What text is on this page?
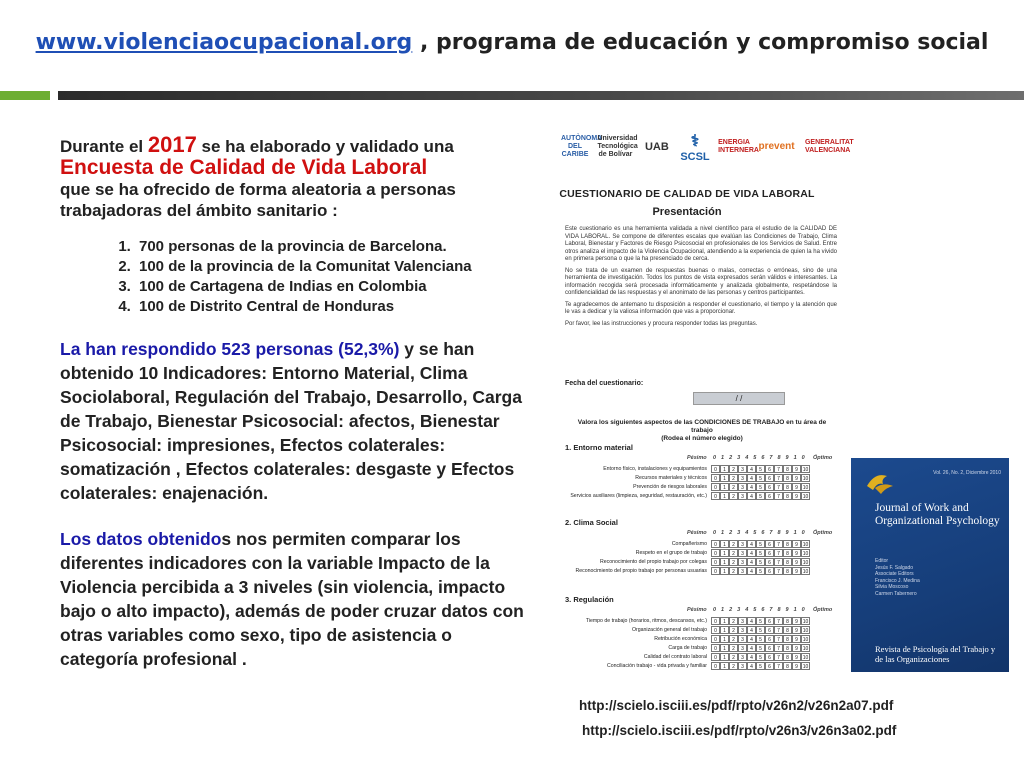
www.violenciaocupacional.org , programa de educación y compromiso social

Durante el 2017 se ha elaborado y validado una
Encuesta de Calidad de Vida Laboral
que se ha ofrecido de forma aleatoria a personas trabajadoras del ámbito sanitario :

1. 700 personas de la provincia de Barcelona.
2. 100 de la provincia de la Comunitat Valenciana
3. 100 de Cartagena de Indias en Colombia
4. 100 de Distrito Central de Honduras

La han respondido 523 personas (52,3%) y se han obtenido 10 Indicadores: Entorno Material, Clima Sociolaboral, Regulación del Trabajo, Desarrollo, Carga de Trabajo, Bienestar Psicosocial: afectos, Bienestar Psicosocial: impresiones, Efectos colaterales: somatización , Efectos colaterales: desgaste y Efectos colaterales: enajenación.

Los datos obtenidos nos permiten comparar los diferentes indicadores con la variable Impacto de la Violencia percibida a 3 niveles (sin violencia, impacto bajo o alto impacto), además de poder cruzar datos con otras variables como sexo, tipo de asistencia o categoría profesional .

AUTÒNOMA DEL CARIBE
Universidad Tecnológica de Bolívar
UAB	⚕
SCSL
ENERGIA INTERNERA prevent GENERALITAT VALENCIANA
CUESTIONARIO DE CALIDAD DE VIDA LABORAL
Presentación
Este cuestionario es una herramienta validada a nivel científico para el estudio de la CALIDAD DE VIDA LABORAL. Se compone de diferentes escalas que evalúan las Condiciones de Trabajo, Clima Laboral, Bienestar y Factores de Riesgo Psicosocial en profesionales de los Servicios de Salud. Entre otros analiza el impacto de la Violencia Ocupacional, atendiendo a la experiencia de quien la ha vivido en primera persona o que la ha presenciado de cerca.
No se trata de un examen de respuestas buenas o malas, correctas o erróneas, sino de una herramienta de investigación. Todos los puntos de vista expresados serán válidos e interesantes. La información recogida será procesada informáticamente y analizada globalmente, respetándose la confidencialidad de las respuestas y el anonimato de las personas y centros participantes.
Te agradecemos de antemano tu disposición a responder el cuestionario, el tiempo y la atención que le vas a dedicar y la valiosa información que vas a proporcionar.
Por favor, lee las instrucciones y procura responder todas las preguntas.
Fecha del cuestionario:
/ /
Valora los siguientes aspectos de las CONDICIONES DE TRABAJO en tu área de trabajo
(Rodea el número elegido)
1. Entorno material
Pésimo 012345678910 Óptimo
Entorno físico, instalaciones y equipamientos	0	1	2	3	4	5	6	7	8	9 10
Recursos materiales y técnicos	0	1	2	3	4	5	6	7	8	9 10
Prevención de riesgos laborales	0	1	2	3	4	5	6	7	8	9 10
Servicios auxiliares (limpieza, seguridad, restauración, etc.)	0	1	2	3	4	5	6	7	8	9 10
2. Clima Social
Pésimo 012345678910 Óptimo
Compañerismo	0	1	2	3	4	5	6	7	8	9 10
Respeto en el grupo de trabajo	0	1	2	3	4	5	6	7	8	9 10
Reconocimiento del propio trabajo por colegas	0	1	2	3	4	5	6	7	8	9 10
Reconocimiento del propio trabajo por personas usuarias	0	1	2	3	4	5	6	7	8	9 10
3. Regulación
Pésimo 012345678910 Óptimo
Tiempo de trabajo (horarios, ritmos, descansos, etc.)	0	1	2	3	4	5	6	7	8	9 10
Organización general del trabajo	0	1	2	3	4	5	6	7	8	9 10
Retribución económica	0	1	2	3	4	5	6	7	8	9 10
Carga de trabajo	0	1	2	3	4	5	6	7	8	9 10
Calidad del contrato laboral	0	1	2	3	4	5	6	7	8	9 10
Conciliación trabajo - vida privada y familiar	0	1	2	3	4	5	6	7	8	9 10
Vol. 26, No. 2, Diciembre 2010
Journal of Work and Organizational Psychology
Editor
Jesús F. Salgado
Associate Editors
Francisco J. Medina
Silvia Moscoso
Carmen Tabernero
Revista de Psicología del Trabajo y de las Organizaciones
http://scielo.isciii.es/pdf/rpto/v26n2/v26n2a07.pdf
http://scielo.isciii.es/pdf/rpto/v26n3/v26n3a02.pdf
